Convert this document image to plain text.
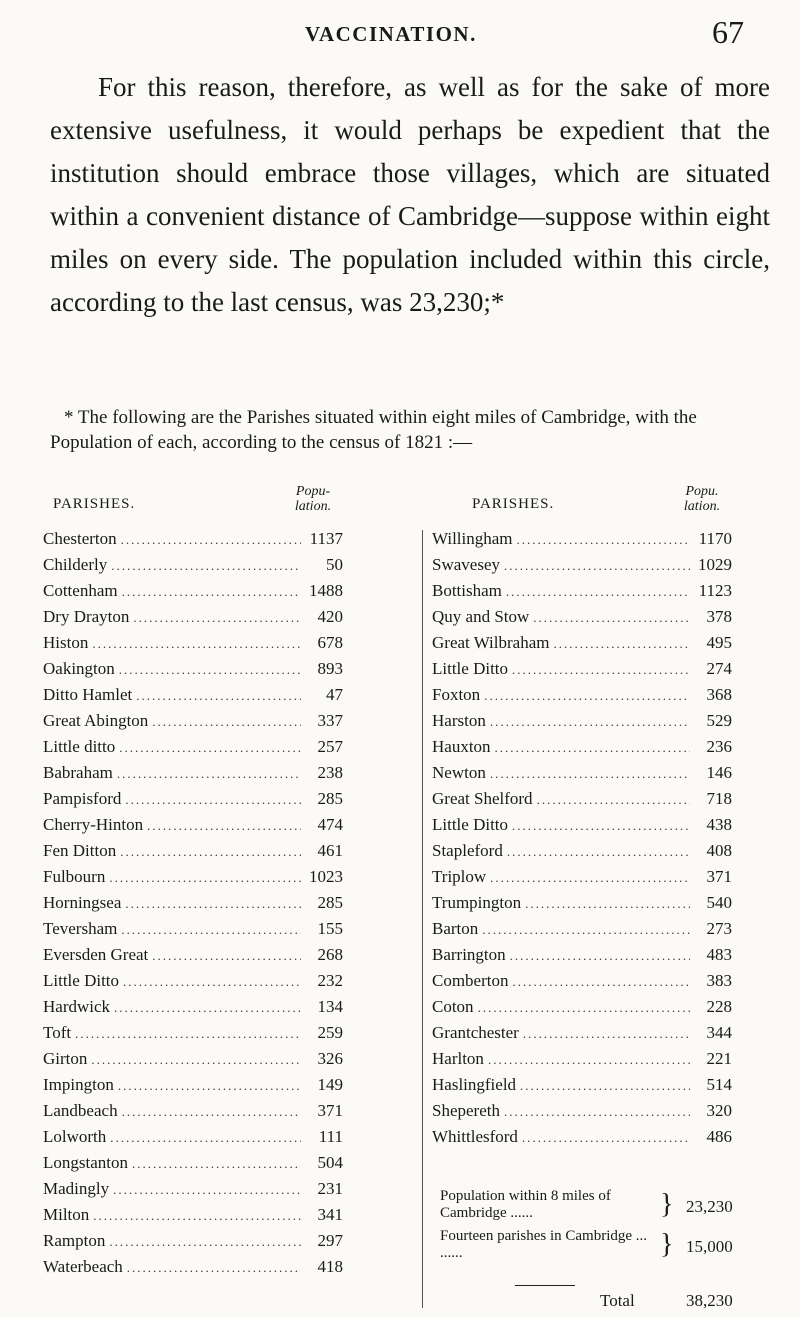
VACCINATION.	67

For this reason, therefore, as well as for the sake of more extensive usefulness, it would perhaps be expedient that the institution should embrace those villages, which are situated within a convenient distance of Cambridge—suppose within eight miles on every side. The population included within this circle, according to the last census, was 23,230;*

* The following are the Parishes situated within eight miles of Cambridge, with the Population of each, according to the census of 1821 :—

PARISHES.
Popu-
lation.
Chesterton .....	1137
Childerly .....	50
Cottenham .....	1488
Dry Drayton .....	420
Histon .....	678
Oakington .....	893
Ditto Hamlet .....	47
Great Abington .....	337
Little ditto .....	257
Babraham .....	238
Pampisford .....	285
Cherry-Hinton .....	474
Fen Ditton .....	461
Fulbourn .....	1023
Horningsea .....	285
Teversham .....	155
Eversden Great .....	268
Little Ditto .....	232
Hardwick .....	134
Toft .....	259
Girton .....	326
Impington .....	149
Landbeach .....	371
Lolworth .....	111
Longstanton .....	504
Madingly .....	231
Milton .....	341
Rampton .....	297
Waterbeach .....	418
PARISHES.
Popu.
lation.
Willingham .....	1170
Swavesey .....	1029
Bottisham .....	1123
Quy and Stow .....	378
Great Wilbraham .....	495
Little Ditto .....	274
Foxton .....	368
Harston .....	529
Hauxton .....	236
Newton .....	146
Great Shelford .....	718
Little Ditto .....	438
Stapleford .....	408
Triplow .....	371
Trumpington .....	540
Barton .....	273
Barrington .....	483
Comberton .....	383
Coton .....	228
Grantchester .....	344
Harlton .....	221
Haslingfield .....	514
Shepereth .....	320
Whittlesford .....	486
Population within 8 miles of Cambridge ......	} 23,230
Fourteen parishes in Cambridge ... ......	} 15,000
Total	38,230
